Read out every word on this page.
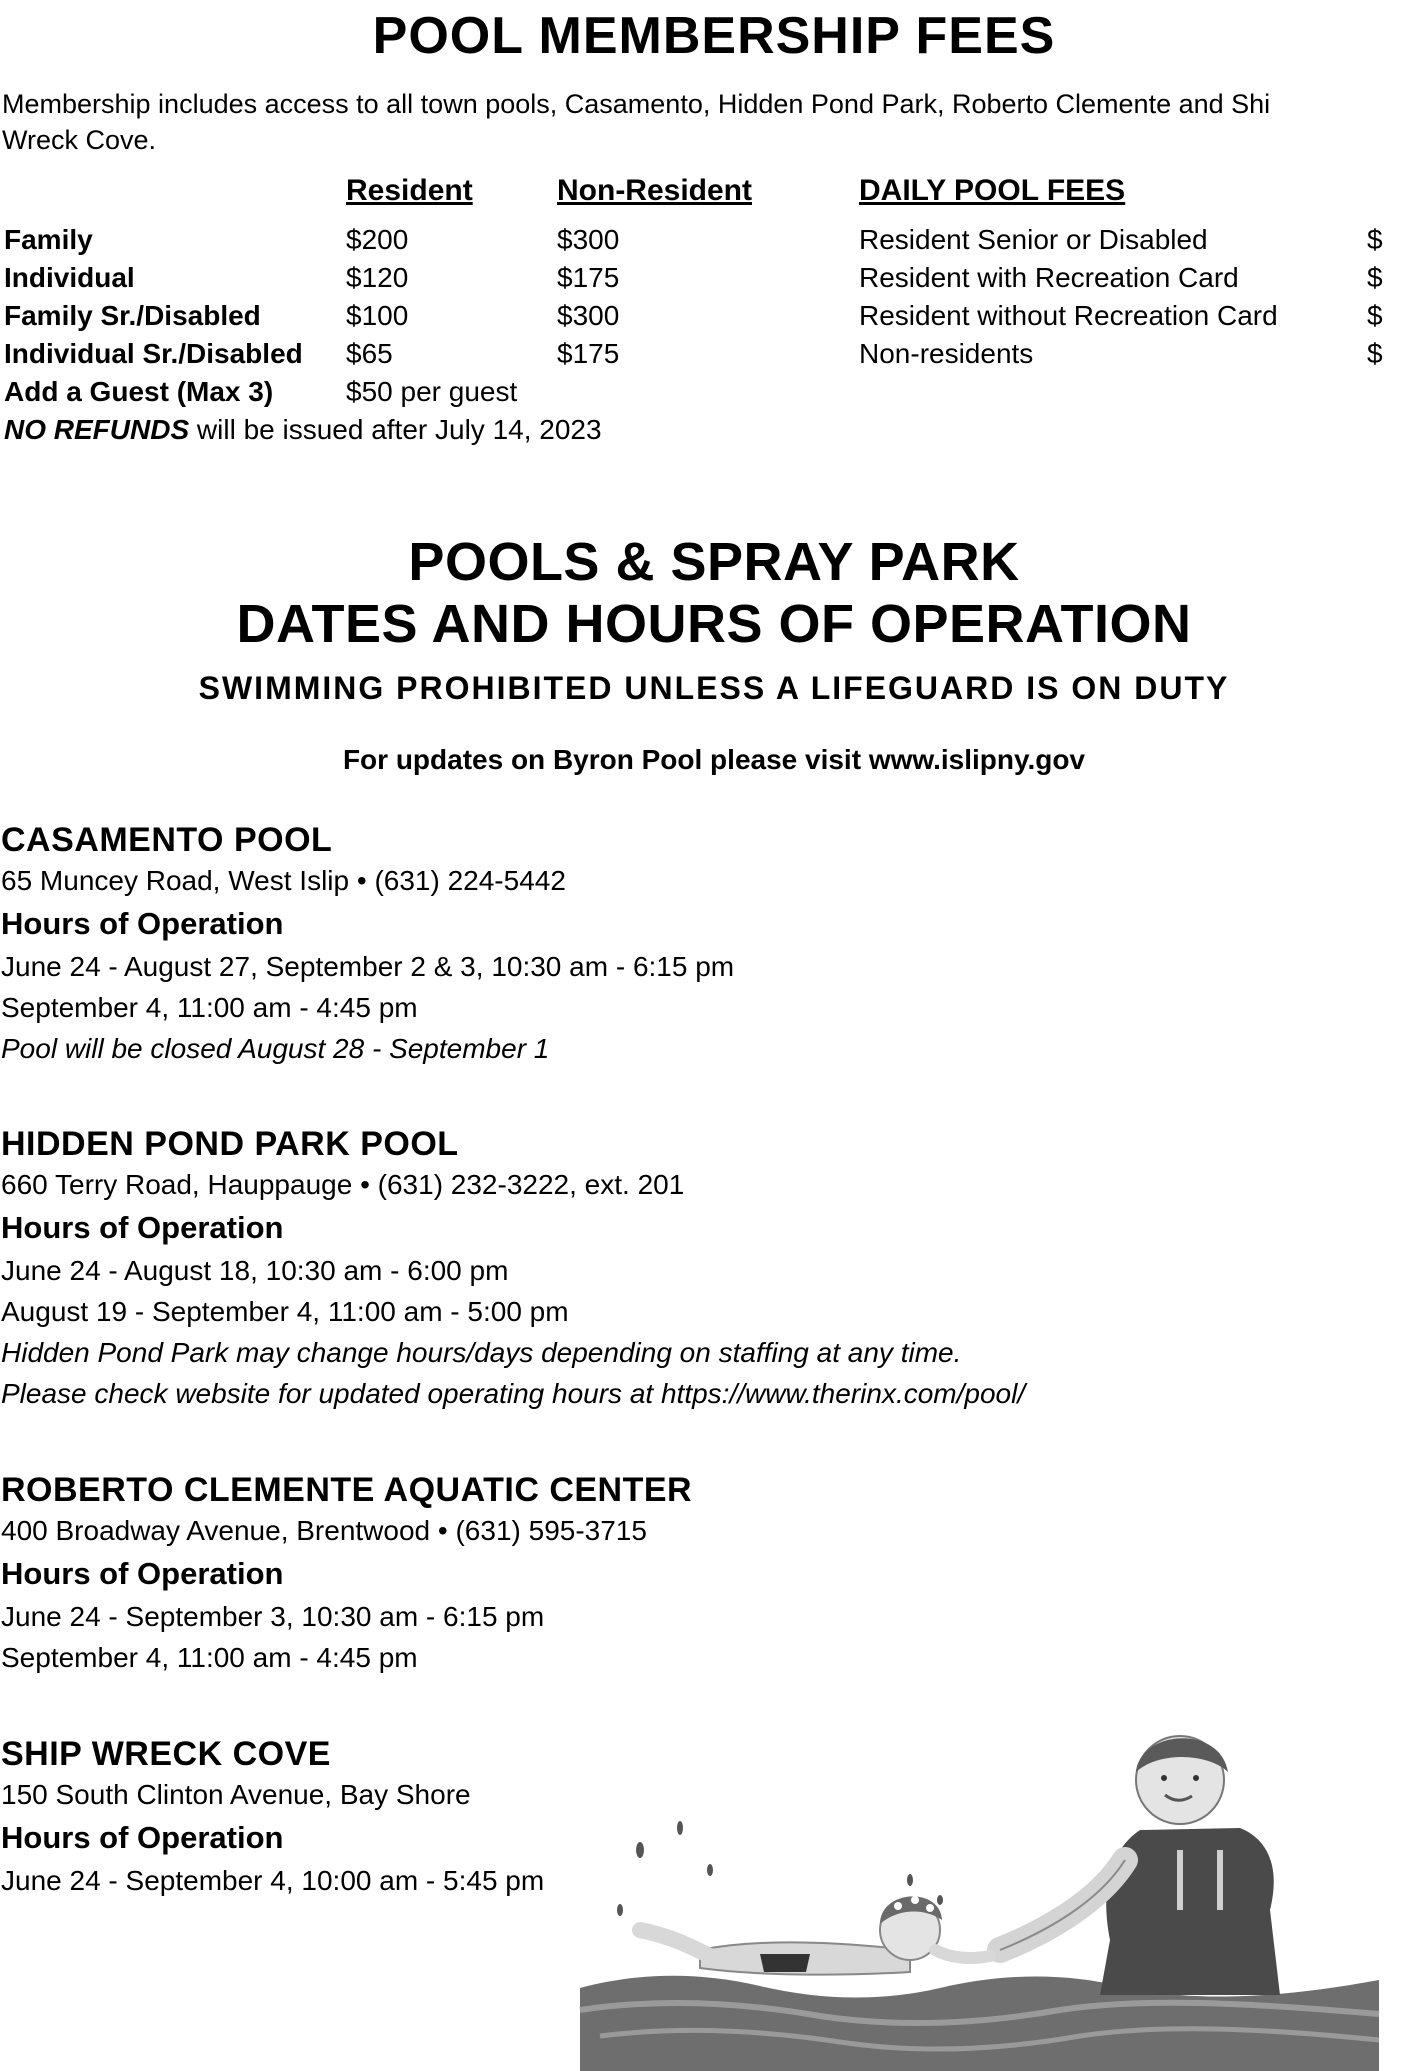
POOL MEMBERSHIP FEES
Membership includes access to all town pools, Casamento, Hidden Pond Park, Roberto Clemente and Shi
Wreck Cove.
Resident	Non-Resident	DAILY POOL FEES
Family	$200	$300
Individual	$120	$175
Family Sr./Disabled	$100	$300
Individual Sr./Disabled $65	$175
Add a Guest (Max 3)	$50 per guest
NO REFUNDS will be issued after July 14, 2023
Resident Senior or Disabled	$
Resident with Recreation Card	$
Resident without Recreation Card	$
Non-residents	$
POOLS & SPRAY PARK
DATES AND HOURS OF OPERATION
SWIMMING PROHIBITED UNLESS A LIFEGUARD IS ON DUTY
For updates on Byron Pool please visit www.islipny.gov
CASAMENTO POOL
65 Muncey Road, West Islip • (631) 224-5442
Hours of Operation
June 24 - August 27, September 2 & 3, 10:30 am - 6:15 pm
September 4, 11:00 am - 4:45 pm
Pool will be closed August 28 - September 1
HIDDEN POND PARK POOL
660 Terry Road, Hauppauge • (631) 232-3222, ext. 201
Hours of Operation
June 24 - August 18, 10:30 am - 6:00 pm
August 19 - September 4, 11:00 am - 5:00 pm
Hidden Pond Park may change hours/days depending on staffing at any time.
Please check website for updated operating hours at https://www.therinx.com/pool/
ROBERTO CLEMENTE AQUATIC CENTER
400 Broadway Avenue, Brentwood • (631) 595-3715
Hours of Operation
June 24 - September 3, 10:30 am - 6:15 pm
September 4, 11:00 am - 4:45 pm
SHIP WRECK COVE
150 South Clinton Avenue, Bay Shore
Hours of Operation
June 24 - September 4, 10:00 am - 5:45 pm
